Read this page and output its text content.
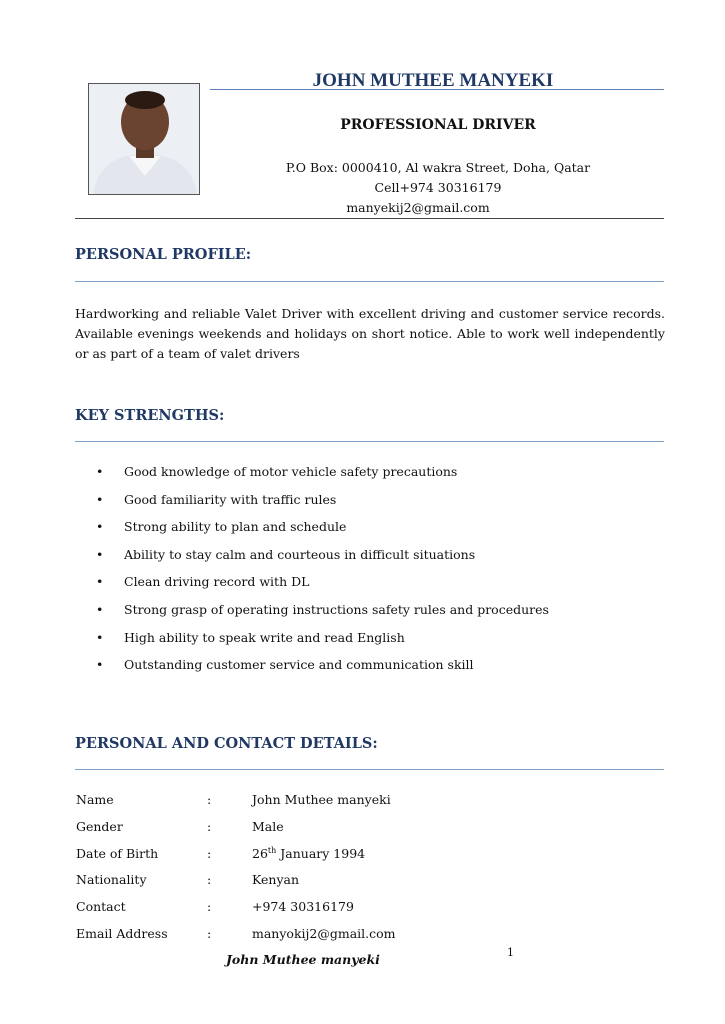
JOHN MUTHEE MANYEKI
PROFESSIONAL DRIVER
P.O Box: 0000410, Al wakra Street, Doha, Qatar
Cell+974 30316179
manyekij2@gmail.com
PERSONAL PROFILE:
Hardworking and reliable Valet Driver with excellent driving and customer service records. Available evenings weekends and holidays on short notice. Able to work well independently or as part of a team of valet drivers
KEY STRENGTHS:
• Good knowledge of motor vehicle safety precautions
• Good familiarity with traffic rules
• Strong ability to plan and schedule
• Ability to stay calm and courteous in difficult situations
• Clean driving record with DL
• Strong grasp of operating instructions safety rules and procedures
• High ability to speak write and read English
• Outstanding customer service and communication skill
PERSONAL AND CONTACT DETAILS:
Name	:	John Muthee manyeki
Gender	:	Male
Date of Birth	:	26th January 1994
Nationality	:	Kenyan
Contact	:	+974 30316179
Email Address	:	manyokij2@gmail.com
1
John Muthee manyeki
